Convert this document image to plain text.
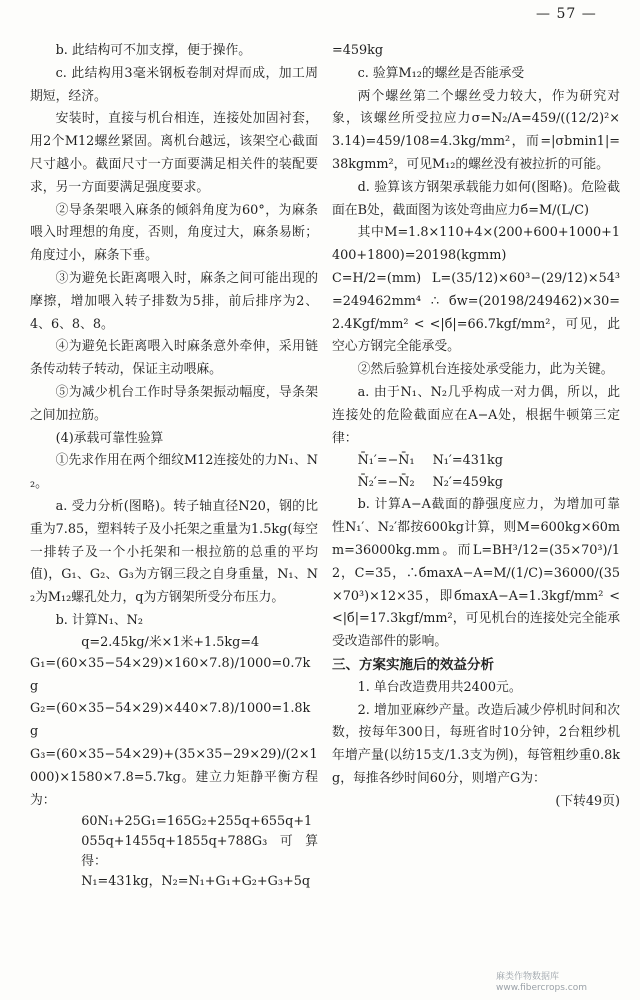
— 57 —

b. 此结构可不加支撑，便于操作。

c. 此结构用3毫米钢板卷制对焊而成，加工周期短，经济。

安装时，直接与机台相连，连接处加固衬套，用2个M12螺丝紧固。离机台越远，该架空心截面尺寸越小。截面尺寸一方面要满足相关件的装配要求，另一方面要满足强度要求。

②导条架喂入麻条的倾斜角度为60°，为麻条喂入时理想的角度，否则，角度过大，麻条易断；角度过小，麻条下垂。

③为避免长距离喂入时，麻条之间可能出现的摩擦，增加喂入转子排数为5排，前后排序为2、4、6、8、8。

④为避免长距离喂入时麻条意外牵伸，采用链条传动转子转动，保证主动喂麻。

⑤为减少机台工作时导条架振动幅度，导条架之间加拉筋。

(4)承载可靠性验算

①先求作用在两个细纹M12连接处的力N₁、N₂。

a. 受力分析(图略)。转子轴直径N20，钢的比重为7.85，塑料转子及小托架之重量为1.5kg(每空一排转子及一个小托架和一根拉筋的总重的平均值)，G₁、G₂、G₃为方钢三段之自身重量，N₁、N₂为M₁₂螺孔处力，q为方钢架所受分布压力。

b. 计算N₁、N₂

q=2.45kg/米×1米+1.5kg=4

G₁=(60×35−54×29)×160×7.8)/1000=0.7kg

G₂=(60×35−54×29)×440×7.8)/1000=1.8kg

G₃=(60×35−54×29)+(35×35−29×29)/(2×1000)×1580×7.8=5.7kg。建立力矩静平衡方程为：

60N₁+25G₁=165G₂+255q+655q+1055q+1455q+1855q+788G₃可算得：

N₁=431kg，N₂=N₁+G₁+G₂+G₃+5q

=459kg

c. 验算M₁₂的螺丝是否能承受

两个螺丝第二个螺丝受力较大，作为研究对象，该螺丝所受拉应力σ=N₂/A=459/((12/2)²×3.14)=459/108=4.3kg/mm²，而=|σbmin1|=38kgmm²，可见M₁₂的螺丝没有被拉折的可能。

d. 验算该方钢架承载能力如何(图略)。危险截面在B处，截面图为该处弯曲应力б=M/(L/C)

其中M=1.8×110+4×(200+600+1000+1400+1800)=20198(kgmm)

C=H/2=(mm) L=(35/12)×60³−(29/12)×54³=249462mm⁴ ∴ бw=(20198/249462)×30=2.4Kgf/mm² < <|б|=66.7kgf/mm²，可见，此空心方钢完全能承受。

②然后验算机台连接处承受能力，此为关键。

a. 由于N₁、N₂几乎构成一对力偶，所以，此连接处的危险截面应在A−A处，根据牛顿第三定律：

N̄₁′=−N̄₁ N₁′=431kg
N̄₂′=−N̄₂ N₂′=459kg

b. 计算A−A截面的静强度应力，为增加可靠性N₁′、N₂′都按600kg计算，则M=600kg×60mm=36000kg.mm。而L=BH³/12=(35×70³)/12，C=35，∴бmaxA−A=M/(1/C)=36000/(35×70³)×12×35，即бmaxA−A=1.3kgf/mm² < <|б|=17.3kgf/mm²，可见机台的连接处完全能承受改造部件的影响。

三、方案实施后的效益分析

1. 单台改造费用共2400元。

2. 增加亚麻纱产量。改造后减少停机时间和次数，按每年300日，每班省时10分钟，2台粗纱机年增产量(以纺15支/1.3支为例)，每管粗纱重0.8kg，每推各纱时间60分，则增产G为：

(下转49页)

麻类作物数据库
www.fibercrops.com
